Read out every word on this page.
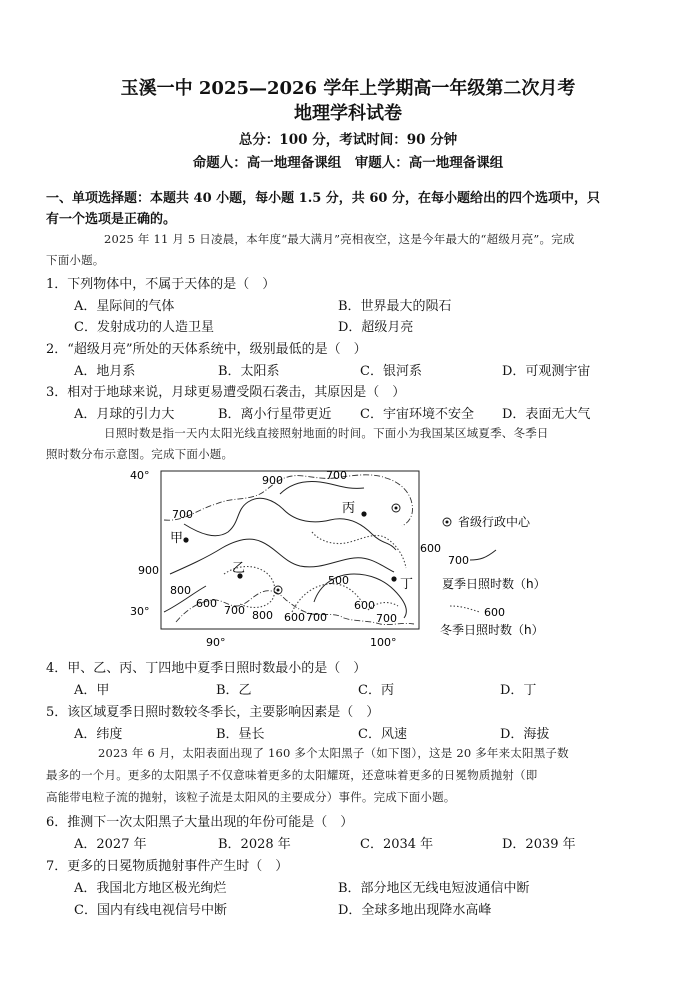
玉溪一中 2025—2026 学年上学期高一年级第二次月考
地理学科试卷
总分：100 分，考试时间：90 分钟
命题人：高一地理备课组　审题人：高一地理备课组
一、单项选择题：本题共 40 小题，每小题 1.5 分，共 60 分，在每小题给出的四个选项中，只
有一个选项是正确的。
2025 年 11 月 5 日凌晨，本年度“最大满月”亮相夜空，这是今年最大的“超级月亮”。完成
下面小题。
1．下列物体中，不属于天体的是（　）
A．星际间的气体	B．世界最大的陨石
C．发射成功的人造卫星	D．超级月亮
2．“超级月亮”所处的天体系统中，级别最低的是（　）
A．地月系	B．太阳系	C．银河系	D．可观测宇宙
3．相对于地球来说，月球更易遭受陨石袭击，其原因是（　）
A．月球的引力大	B．离小行星带更近 C．宇宙环境不安全 D．表面无大气
日照时数是指一天内太阳光线直接照射地面的时间。下面小为我国某区域夏季、冬季日
照时数分布示意图。完成下面小题。
40°
30°
90°	100°
900	700
700
900
800
600
700 800 600 700
500
600
600
700
丙
甲
乙
丁
省级行政中心
700
夏季日照时数（h）
600
冬季日照时数（h）
4．甲、乙、丙、丁四地中夏季日照时数最小的是（　）
A．甲	B．乙	C．丙	D．丁
5．该区域夏季日照时数较冬季长，主要影响因素是（　）
A．纬度	B．昼长	C．风速	D．海拔
2023 年 6 月，太阳表面出现了 160 多个太阳黑子（如下图），这是 20 多年来太阳黑子数
最多的一个月。更多的太阳黑子不仅意味着更多的太阳耀斑，还意味着更多的日冕物质抛射（即
高能带电粒子流的抛射，该粒子流是太阳风的主要成分）事件。完成下面小题。
6．推测下一次太阳黑子大量出现的年份可能是（　）
A．2027 年	B．2028 年	C．2034 年	D．2039 年
7．更多的日冕物质抛射事件产生时（　）
A．我国北方地区极光绚烂	B．部分地区无线电短波通信中断
C．国内有线电视信号中断	D．全球多地出现降水高峰
